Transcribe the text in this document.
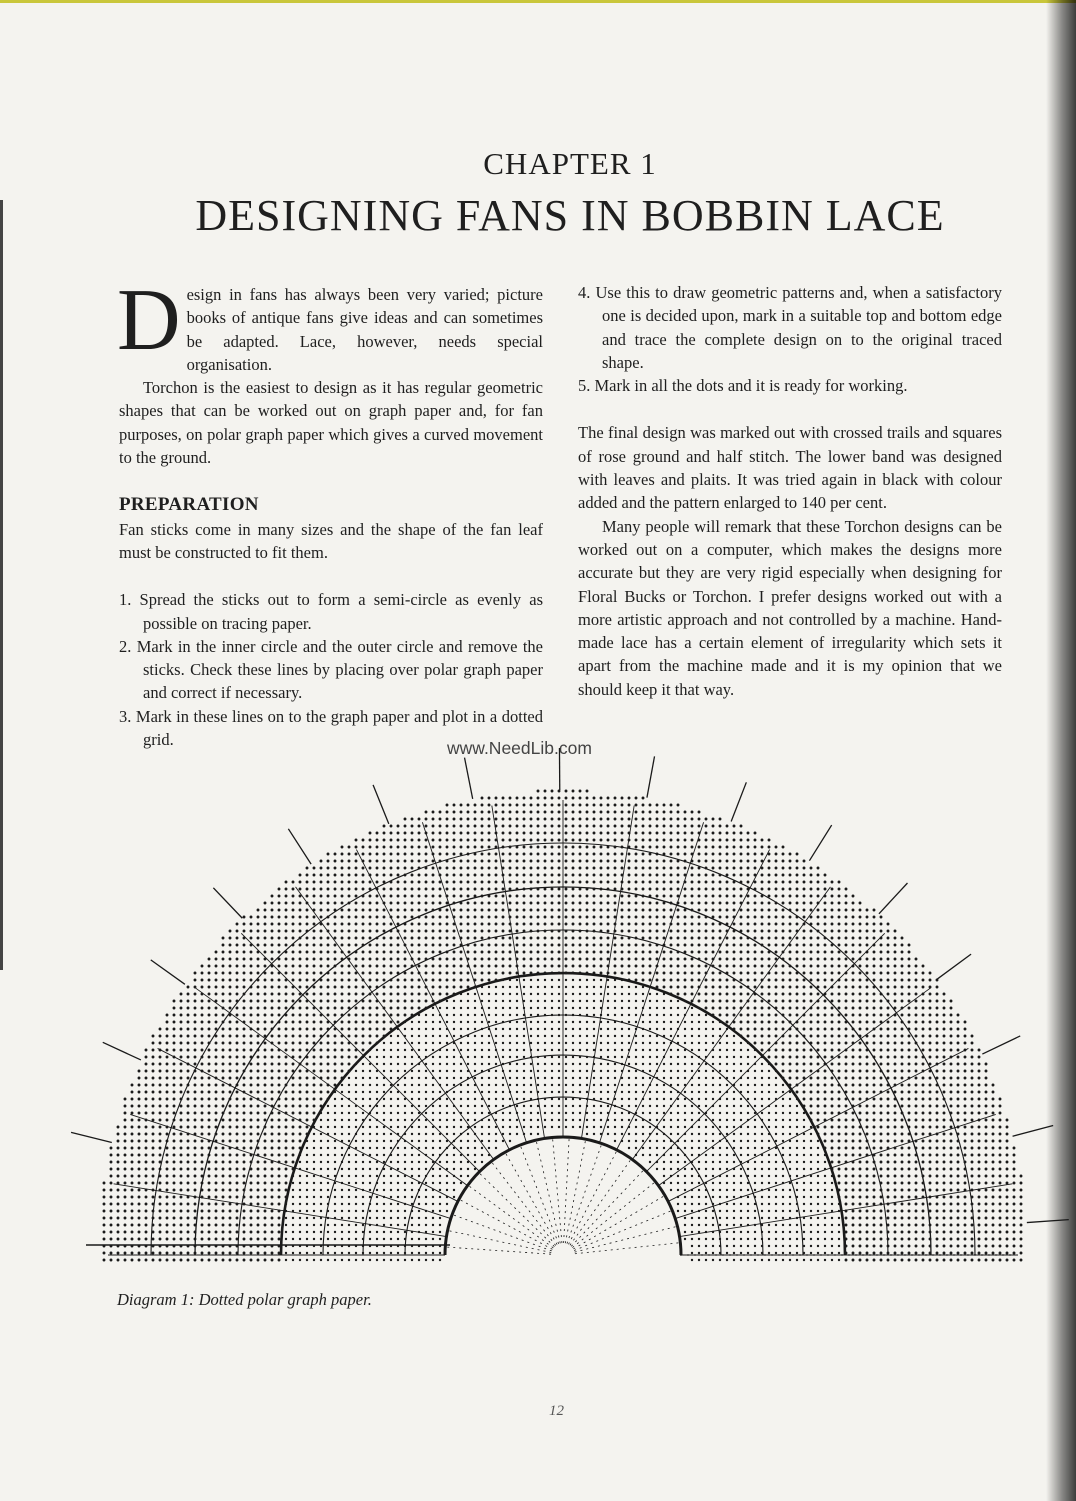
CHAPTER 1
DESIGNING FANS IN BOBBIN LACE

Design in fans has always been very varied; picture books of antique fans give ideas and can sometimes be adapted. Lace, however, needs special organisation.

Torchon is the easiest to design as it has regular geometric shapes that can be worked out on graph paper and, for fan purposes, on polar graph paper which gives a curved movement to the ground.

PREPARATION

Fan sticks come in many sizes and the shape of the fan leaf must be constructed to fit them.

1. Spread the sticks out to form a semi-circle as evenly as possible on tracing paper.
2. Mark in the inner circle and the outer circle and remove the sticks. Check these lines by placing over polar graph paper and correct if necessary.
3. Mark in these lines on to the graph paper and plot in a dotted grid.
4. Use this to draw geometric patterns and, when a satisfactory one is decided upon, mark in a suitable top and bottom edge and trace the complete design on to the original traced shape.
5. Mark in all the dots and it is ready for working.

The final design was marked out with crossed trails and squares of rose ground and half stitch. The lower band was designed with leaves and plaits. It was tried again in black with colour added and the pattern enlarged to 140 per cent.

Many people will remark that these Torchon designs can be worked out on a computer, which makes the designs more accurate but they are very rigid especially when designing for Floral Bucks or Torchon. I prefer designs worked out with a more artistic approach and not controlled by a machine. Hand-made lace has a certain element of irregularity which sets it apart from the machine made and it is my opinion that we should keep it that way.

www.NeedLib.com
Diagram 1: Dotted polar graph paper.
12
